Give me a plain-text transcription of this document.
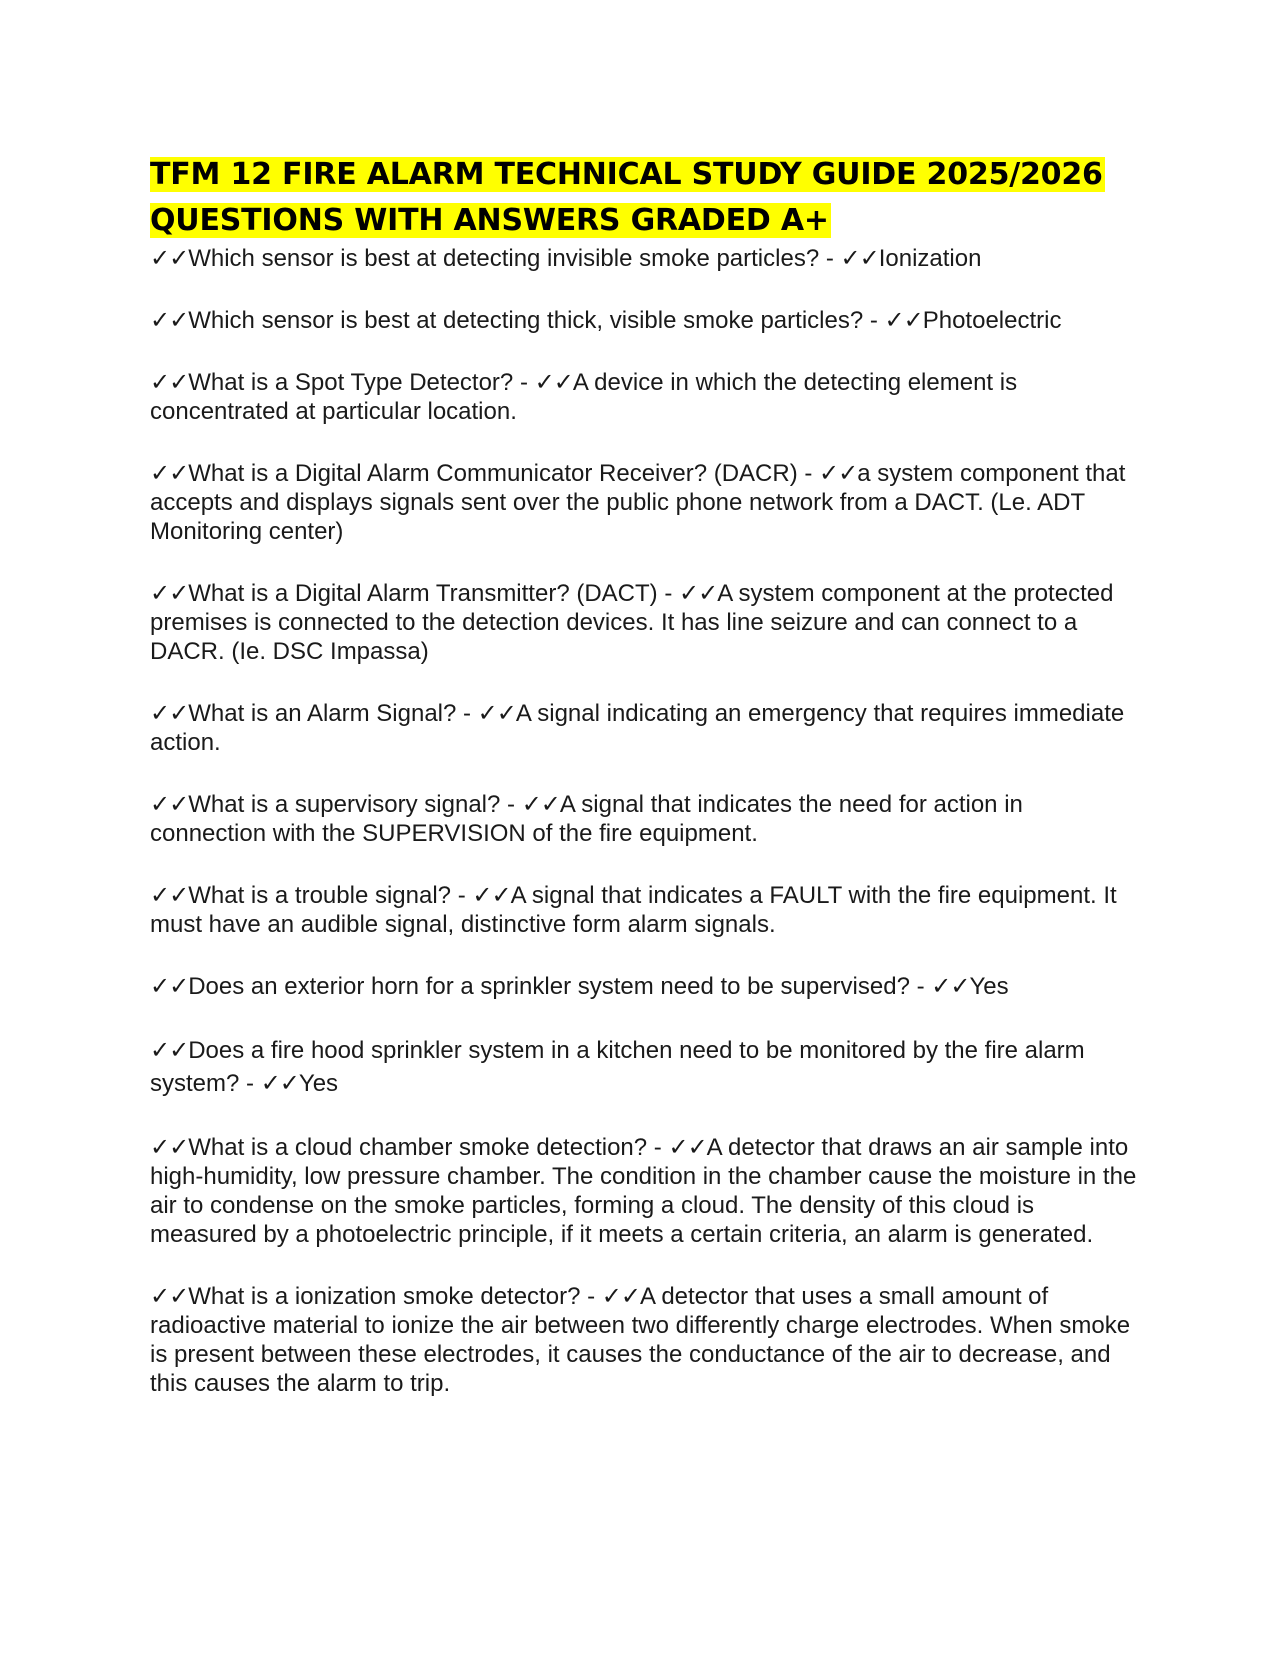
TFM 12 FIRE ALARM TECHNICAL STUDY GUIDE 2025/2026 QUESTIONS WITH ANSWERS GRADED A+

✓✓Which sensor is best at detecting invisible smoke particles? - ✓✓Ionization

✓✓Which sensor is best at detecting thick, visible smoke particles? - ✓✓Photoelectric

✓✓What is a Spot Type Detector? - ✓✓A device in which the detecting element is concentrated at particular location.

✓✓What is a Digital Alarm Communicator Receiver? (DACR) - ✓✓a system component that accepts and displays signals sent over the public phone network from a DACT. (Le. ADT Monitoring center)

✓✓What is a Digital Alarm Transmitter? (DACT) - ✓✓A system component at the protected premises is connected to the detection devices. It has line seizure and can connect to a DACR. (Ie. DSC Impassa)

✓✓What is an Alarm Signal? - ✓✓A signal indicating an emergency that requires immediate action.

✓✓What is a supervisory signal? - ✓✓A signal that indicates the need for action in connection with the SUPERVISION of the fire equipment.

✓✓What is a trouble signal? - ✓✓A signal that indicates a FAULT with the fire equipment. It must have an audible signal, distinctive form alarm signals.

✓✓Does an exterior horn for a sprinkler system need to be supervised? - ✓✓Yes

✓✓Does a fire hood sprinkler system in a kitchen need to be monitored by the fire alarm system? - ✓✓Yes

✓✓What is a cloud chamber smoke detection? - ✓✓A detector that draws an air sample into high-humidity, low pressure chamber. The condition in the chamber cause the moisture in the air to condense on the smoke particles, forming a cloud. The density of this cloud is measured by a photoelectric principle, if it meets a certain criteria, an alarm is generated.

✓✓What is a ionization smoke detector? - ✓✓A detector that uses a small amount of radioactive material to ionize the air between two differently charge electrodes. When smoke is present between these electrodes, it causes the conductance of the air to decrease, and this causes the alarm to trip.
